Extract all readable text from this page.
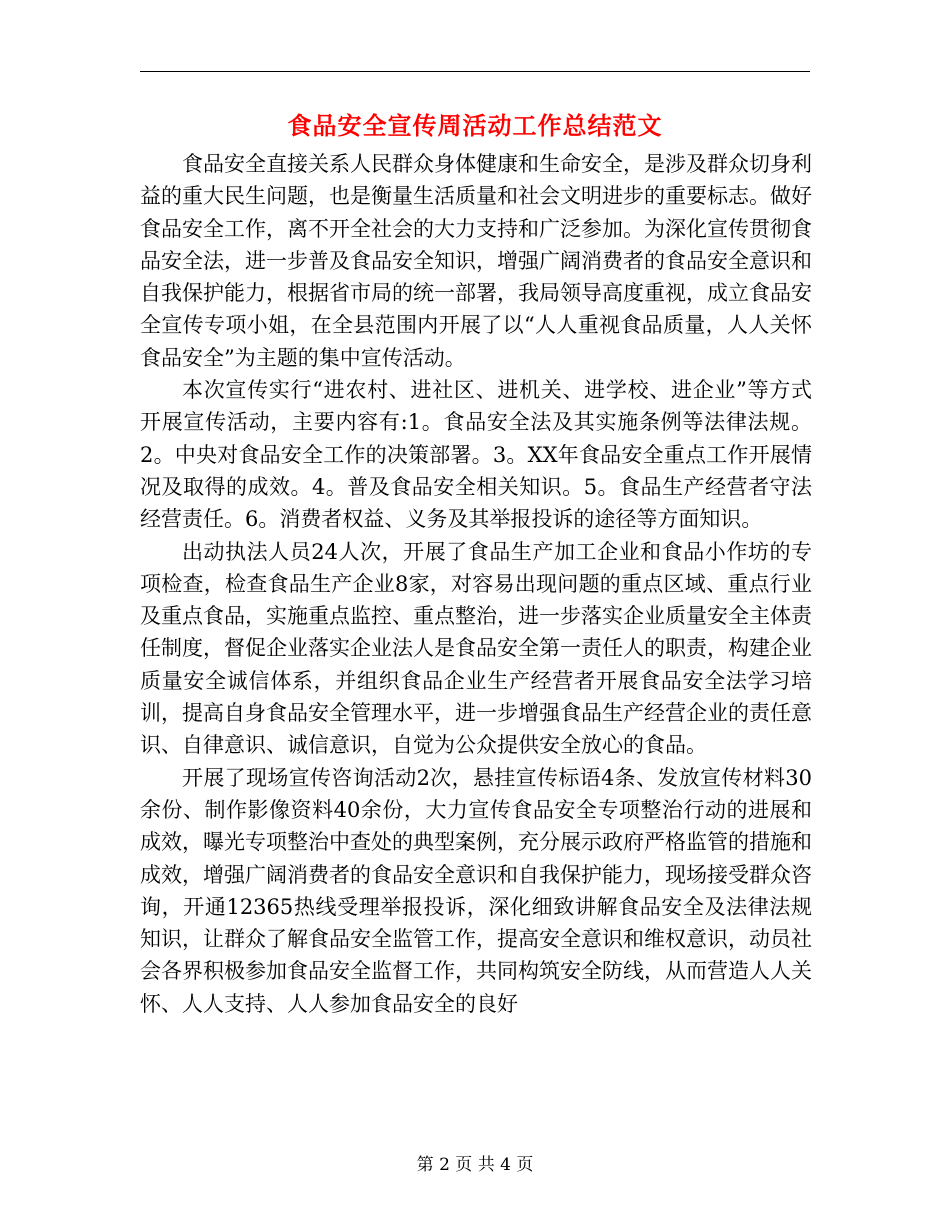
食品安全宣传周活动工作总结范文

食品安全直接关系人民群众身体健康和生命安全，是涉及群众切身利益的重大民生问题，也是衡量生活质量和社会文明进步的重要标志。做好食品安全工作，离不开全社会的大力支持和广泛参加。为深化宣传贯彻食品安全法，进一步普及食品安全知识，增强广阔消费者的食品安全意识和自我保护能力，根据省市局的统一部署，我局领导高度重视，成立食品安全宣传专项小姐，在全县范围内开展了以“人人重视食品质量，人人关怀食品安全”为主题的集中宣传活动。

本次宣传实行“进农村、进社区、进机关、进学校、进企业”等方式开展宣传活动，主要内容有:1。食品安全法及其实施条例等法律法规。2。中央对食品安全工作的决策部署。3。XX年食品安全重点工作开展情况及取得的成效。4。普及食品安全相关知识。5。食品生产经营者守法经营责任。6。消费者权益、义务及其举报投诉的途径等方面知识。

出动执法人员24人次，开展了食品生产加工企业和食品小作坊的专项检查，检查食品生产企业8家，对容易出现问题的重点区域、重点行业及重点食品，实施重点监控、重点整治，进一步落实企业质量安全主体责任制度，督促企业落实企业法人是食品安全第一责任人的职责，构建企业质量安全诚信体系，并组织食品企业生产经营者开展食品安全法学习培训，提高自身食品安全管理水平，进一步增强食品生产经营企业的责任意识、自律意识、诚信意识，自觉为公众提供安全放心的食品。

开展了现场宣传咨询活动2次，悬挂宣传标语4条、发放宣传材料30余份、制作影像资料40余份，大力宣传食品安全专项整治行动的进展和成效，曝光专项整治中查处的典型案例，充分展示政府严格监管的措施和成效，增强广阔消费者的食品安全意识和自我保护能力，现场接受群众咨询，开通12365热线受理举报投诉，深化细致讲解食品安全及法律法规知识，让群众了解食品安全监管工作，提高安全意识和维权意识，动员社会各界积极参加食品安全监督工作，共同构筑安全防线，从而营造人人关怀、人人支持、人人参加食品安全的良好

第 2 页 共 4 页
